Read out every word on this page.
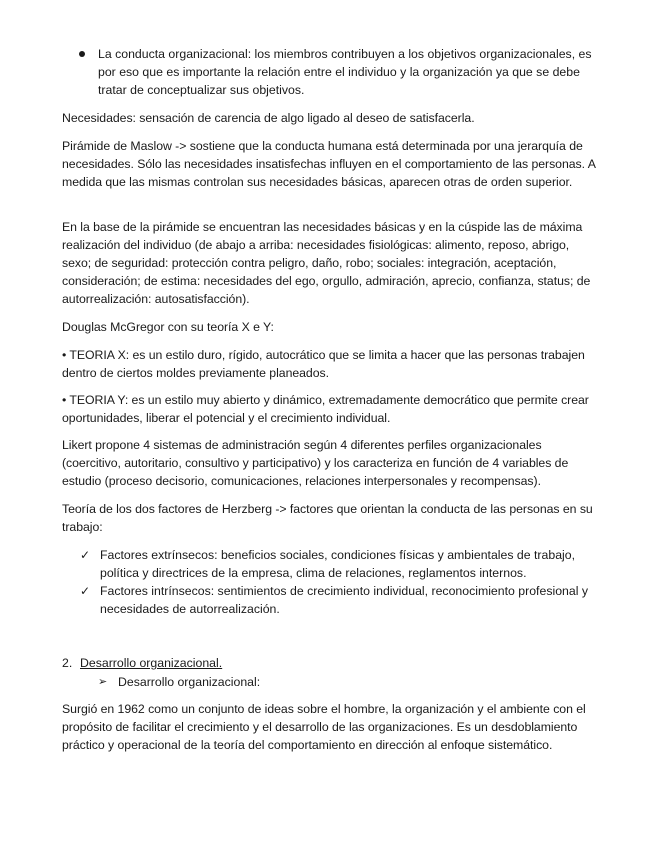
La conducta organizacional: los miembros contribuyen a los objetivos organizacionales, es por eso que es importante la relación entre el individuo y la organización ya que se debe tratar de conceptualizar sus objetivos.

Necesidades: sensación de carencia de algo ligado al deseo de satisfacerla.

Pirámide de Maslow -> sostiene que la conducta humana está determinada por una jerarquía de necesidades. Sólo las necesidades insatisfechas influyen en el comportamiento de las personas. A medida que las mismas controlan sus necesidades básicas, aparecen otras de orden superior.

En la base de la pirámide se encuentran las necesidades básicas y en la cúspide las de máxima realización del individuo (de abajo a arriba: necesidades fisiológicas: alimento, reposo, abrigo, sexo; de seguridad: protección contra peligro, daño, robo; sociales: integración, aceptación, consideración; de estima: necesidades del ego, orgullo, admiración, aprecio, confianza, status; de autorrealización: autosatisfacción).

Douglas McGregor con su teoría X e Y:

• TEORIA X: es un estilo duro, rígido, autocrático que se limita a hacer que las personas trabajen dentro de ciertos moldes previamente planeados.

• TEORIA Y: es un estilo muy abierto y dinámico, extremadamente democrático que permite crear oportunidades, liberar el potencial y el crecimiento individual.

Likert propone 4 sistemas de administración según 4 diferentes perfiles organizacionales (coercitivo, autoritario, consultivo y participativo) y los caracteriza en función de 4 variables de estudio (proceso decisorio, comunicaciones, relaciones interpersonales y recompensas).

Teoría de los dos factores de Herzberg -> factores que orientan la conducta de las personas en su trabajo:

✓ Factores extrínsecos: beneficios sociales, condiciones físicas y ambientales de trabajo, política y directrices de la empresa, clima de relaciones, reglamentos internos.

✓ Factores intrínsecos: sentimientos de crecimiento individual, reconocimiento profesional y necesidades de autorrealización.

2. Desarrollo organizacional.
➢ Desarrollo organizacional:

Surgió en 1962 como un conjunto de ideas sobre el hombre, la organización y el ambiente con el propósito de facilitar el crecimiento y el desarrollo de las organizaciones. Es un desdoblamiento práctico y operacional de la teoría del comportamiento en dirección al enfoque sistemático.
